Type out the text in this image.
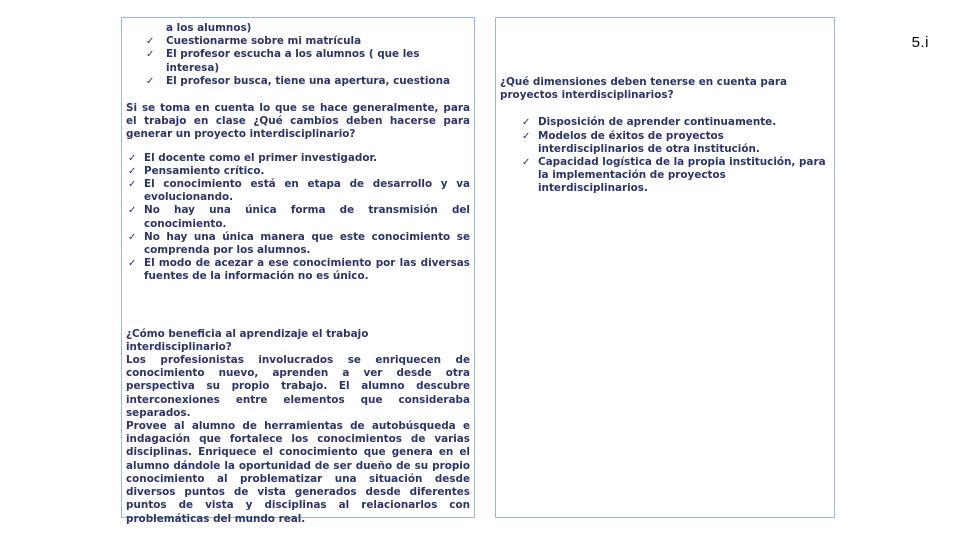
5.i

a los alumnos)

✓ Cuestionarme sobre mi matrícula
✓ El profesor escucha a los alumnos ( que les interesa)
✓ El profesor busca, tiene una apertura, cuestiona

Si se toma en cuenta lo que se hace generalmente, para el trabajo en clase ¿Qué cambios deben hacerse para generar un proyecto interdisciplinario?

✓ El docente como el primer investigador.
✓ Pensamiento crítico.
✓ El conocimiento está en etapa de desarrollo y va evolucionando.
✓ No hay una única forma de transmisión del conocimiento.
✓ No hay una única manera que este conocimiento se comprenda por los alumnos.
✓ El modo de acezar a ese conocimiento por las diversas fuentes de la información no es único.

¿Cómo beneficia al aprendizaje el trabajo interdisciplinario?

Los profesionistas involucrados se enriquecen de conocimiento nuevo, aprenden a ver desde otra perspectiva su propio trabajo. El alumno descubre interconexiones entre elementos que consideraba separados.

Provee al alumno de herramientas de autobúsqueda e indagación que fortalece los conocimientos de varias disciplinas. Enriquece el conocimiento que genera en el alumno dándole la oportunidad de ser dueño de su propio conocimiento al problematizar una situación desde diversos puntos de vista generados desde diferentes puntos de vista y disciplinas al relacionarlos con problemáticas del mundo real.

¿Qué dimensiones deben tenerse en cuenta para proyectos interdisciplinarios?

✓ Disposición de aprender continuamente.
✓ Modelos de éxitos de proyectos interdisciplinarios de otra institución.
✓ Capacidad logística de la propia institución, para la implementación de proyectos interdisciplinarios.
